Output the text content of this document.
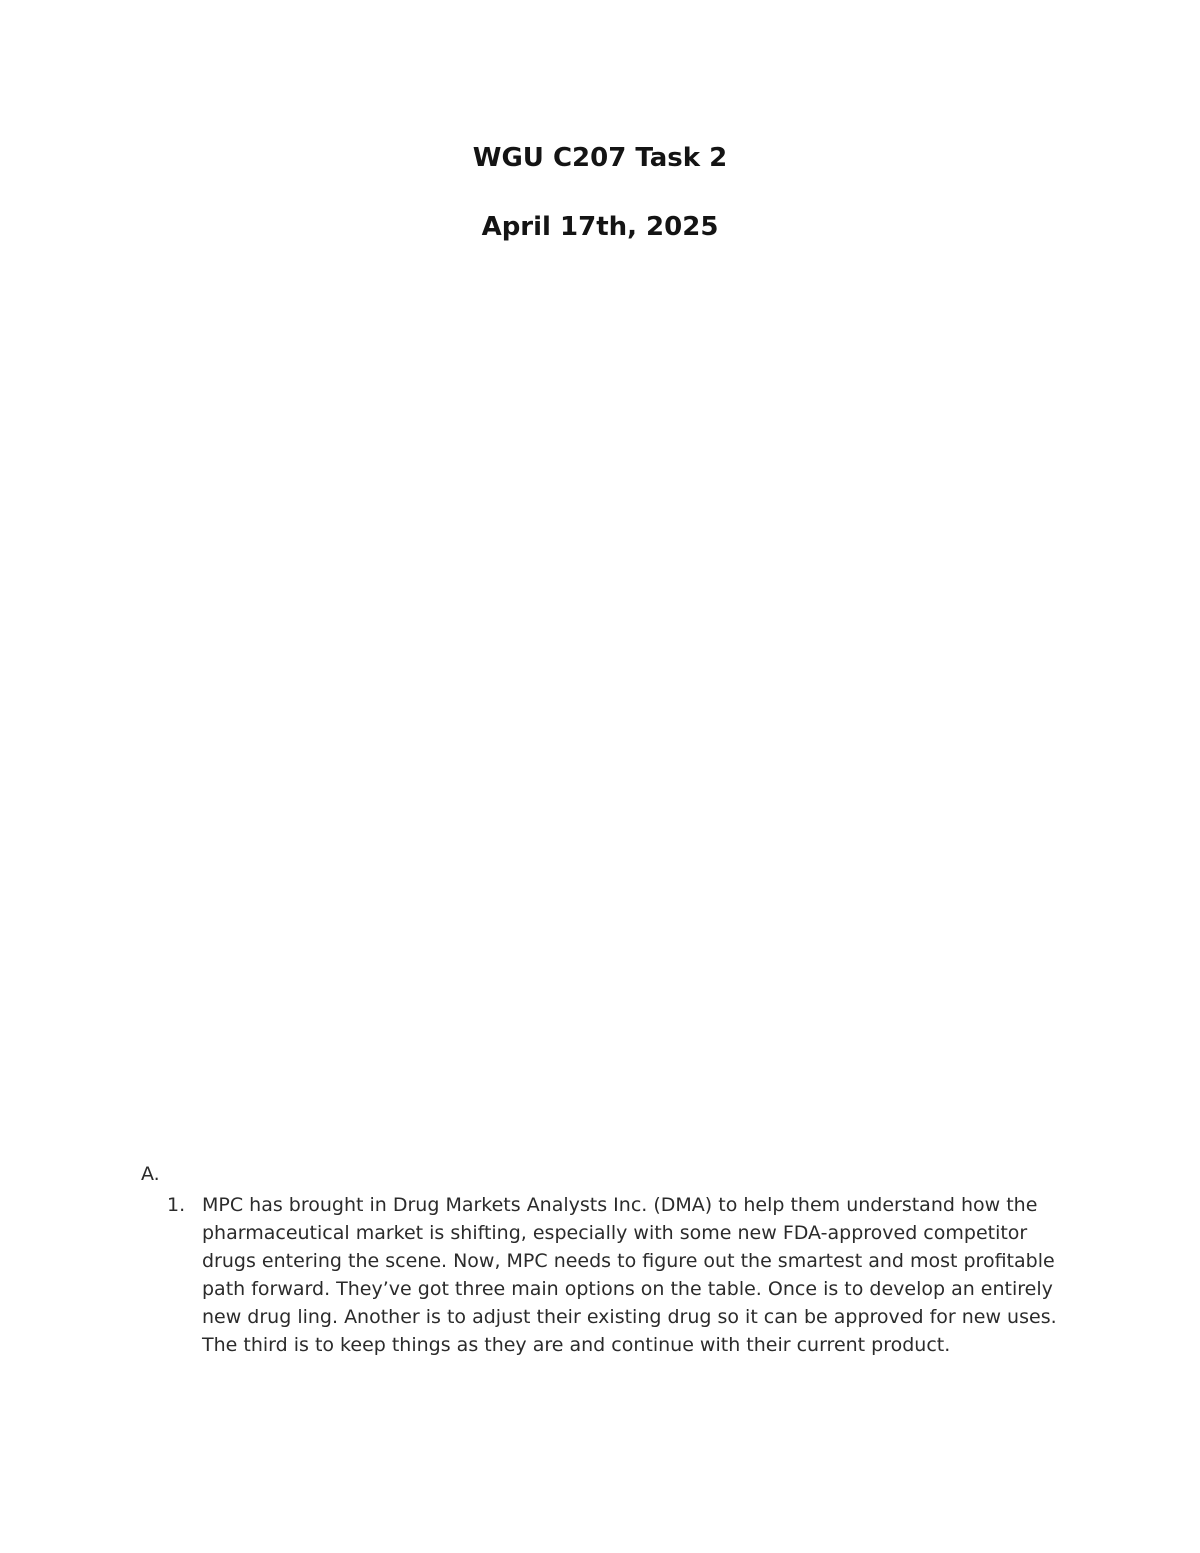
WGU C207 Task 2
April 17th, 2025
A.
1. MPC has brought in Drug Markets Analysts Inc. (DMA) to help them understand how the pharmaceutical market is shifting, especially with some new FDA-approved competitor drugs entering the scene. Now, MPC needs to figure out the smartest and most profitable path forward. They’ve got three main options on the table. Once is to develop an entirely new drug ling. Another is to adjust their existing drug so it can be approved for new uses. The third is to keep things as they are and continue with their current product.
